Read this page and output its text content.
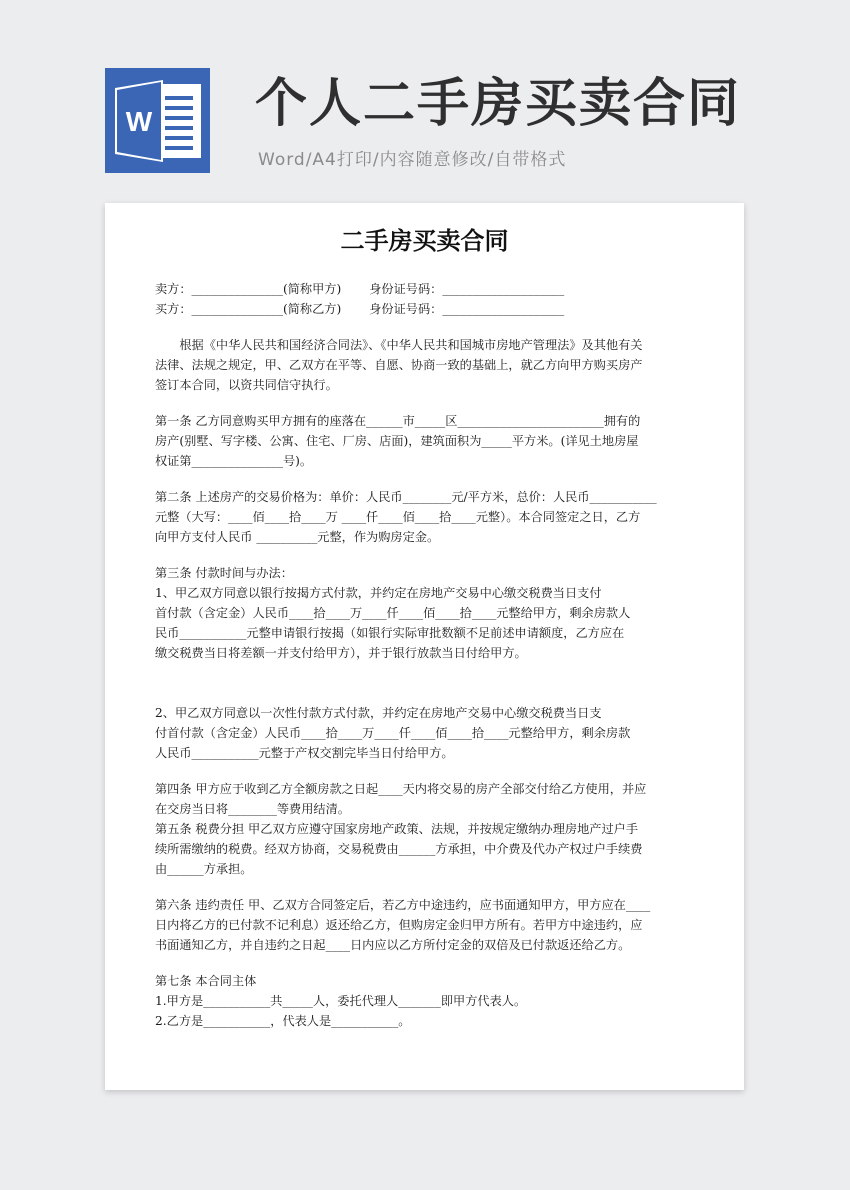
W 个人二手房买卖合同
Word/A4打印/内容随意修改/自带格式
二手房买卖合同
卖方：_______________(简称甲方) 身份证号码：____________________
买方：_______________(简称乙方) 身份证号码：____________________
　　根据《中华人民共和国经济合同法》、《中华人民共和国城市房地产管理法》及其他有关
法律、法规之规定，甲、乙双方在平等、自愿、协商一致的基础上，就乙方向甲方购买房产
签订本合同，以资共同信守执行。
第一条 乙方同意购买甲方拥有的座落在______市_____区________________________拥有的
房产(别墅、写字楼、公寓、住宅、厂房、店面)，建筑面积为_____平方米。(详见土地房屋
权证第_______________号)。
第二条 上述房产的交易价格为：单价：人民币________元/平方米，总价：人民币___________
元整（大写：____佰____拾____万 ____仟____佰____拾____元整）。本合同签定之日，乙方
向甲方支付人民币 __________元整，作为购房定金。
第三条 付款时间与办法：
1、甲乙双方同意以银行按揭方式付款，并约定在房地产交易中心缴交税费当日支付
首付款（含定金）人民币____拾____万____仟____佰____拾____元整给甲方，剩余房款人
民币___________元整申请银行按揭（如银行实际审批数额不足前述申请额度，乙方应在
缴交税费当日将差额一并支付给甲方），并于银行放款当日付给甲方。
2、甲乙双方同意以一次性付款方式付款，并约定在房地产交易中心缴交税费当日支
付首付款（含定金）人民币____拾____万____仟____佰____拾____元整给甲方，剩余房款
人民币___________元整于产权交割完毕当日付给甲方。
第四条 甲方应于收到乙方全额房款之日起____天内将交易的房产全部交付给乙方使用，并应
在交房当日将________等费用结清。
第五条 税费分担 甲乙双方应遵守国家房地产政策、法规，并按规定缴纳办理房地产过户手
续所需缴纳的税费。经双方协商，交易税费由______方承担，中介费及代办产权过户手续费
由______方承担。
第六条 违约责任 甲、乙双方合同签定后，若乙方中途违约，应书面通知甲方，甲方应在____
日内将乙方的已付款不记利息）返还给乙方，但购房定金归甲方所有。若甲方中途违约，应
书面通知乙方，并自违约之日起____日内应以乙方所付定金的双倍及已付款返还给乙方。
第七条 本合同主体
1.甲方是___________共_____人，委托代理人_______即甲方代表人。
2.乙方是___________，代表人是___________。
